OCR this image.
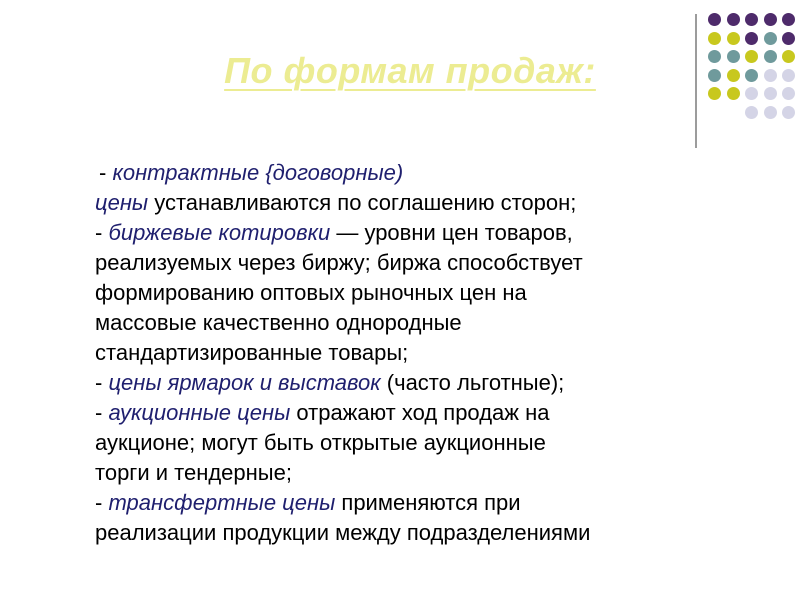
По формам продаж:
- контрактные {договорные)
цены устанавливаются по соглашению сторон;
- биржевые котировки — уровни цен товаров,
реализуемых через биржу; биржа способствует
формированию оптовых рыночных цен на
массовые качественно однородные
стандартизированные товары;
- цены ярмарок и выставок (часто льготные);
- аукционные цены отражают ход продаж на
аукционе; могут быть открытые аукционные
торги и тендерные;
- трансфертные цены применяются при
реализации продукции между подразделениями
